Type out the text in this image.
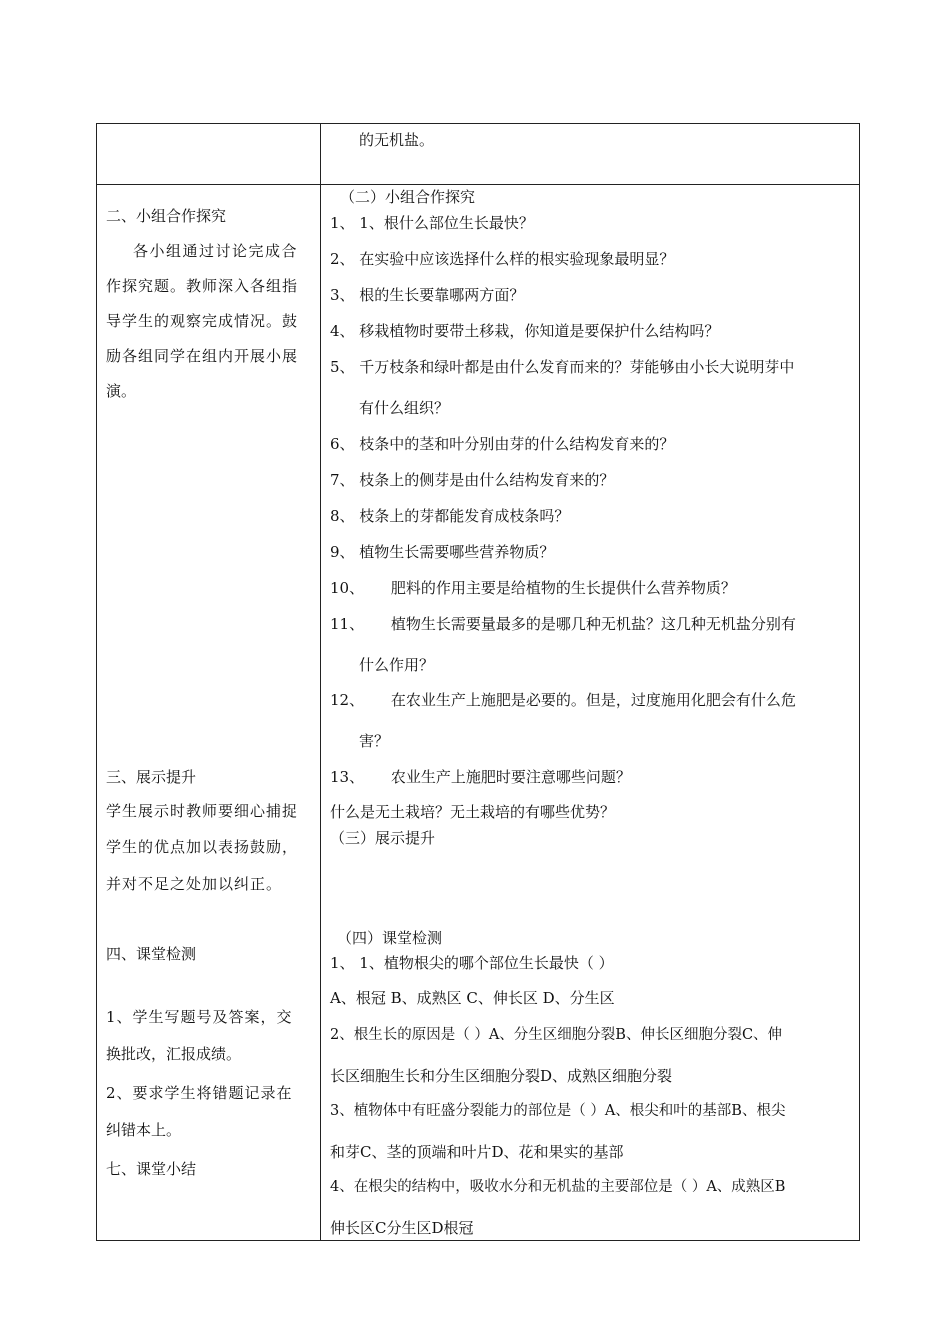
的无机盐。
二、小组合作探究
各小组通过讨论完成合
作探究题。教师深入各组指
导学生的观察完成情况。鼓
励各组同学在组内开展小展
演。
三、展示提升
学生展示时教师要细心捕捉
学生的优点加以表扬鼓励，
并对不足之处加以纠正。
四、课堂检测
1、学生写题号及答案，交
换批改，汇报成绩。
2、要求学生将错题记录在
纠错本上。
七、课堂小结
（二）小组合作探究
1、 1、根什么部位生长最快？
2、 在实验中应该选择什么样的根实验现象最明显？
3、 根的生长要靠哪两方面？
4、 移栽植物时要带土移栽，你知道是要保护什么结构吗？
5、 千万枝条和绿叶都是由什么发育而来的？芽能够由小长大说明芽中
有什么组织？
6、 枝条中的茎和叶分别由芽的什么结构发育来的？
7、 枝条上的侧芽是由什么结构发育来的？
8、 枝条上的芽都能发育成枝条吗？
9、 植物生长需要哪些营养物质？
10、 肥料的作用主要是给植物的生长提供什么营养物质？
11、 植物生长需要量最多的是哪几种无机盐？这几种无机盐分别有
什么作用？
12、 在农业生产上施肥是必要的。但是，过度施用化肥会有什么危
害？
13、 农业生产上施肥时要注意哪些问题？
什么是无土栽培？无土栽培的有哪些优势？
（三）展示提升
（四）课堂检测
1、 1、植物根尖的哪个部位生长最快（ ）
A、根冠 B、成熟区 C、伸长区 D、分生区
2、根生长的原因是（ ）A、分生区细胞分裂B、伸长区细胞分裂C、伸
长区细胞生长和分生区细胞分裂D、成熟区细胞分裂
3、植物体中有旺盛分裂能力的部位是（ ）A、根尖和叶的基部B、根尖
和芽C、茎的顶端和叶片D、花和果实的基部
4、在根尖的结构中，吸收水分和无机盐的主要部位是（ ）A、成熟区B
伸长区C分生区D根冠
